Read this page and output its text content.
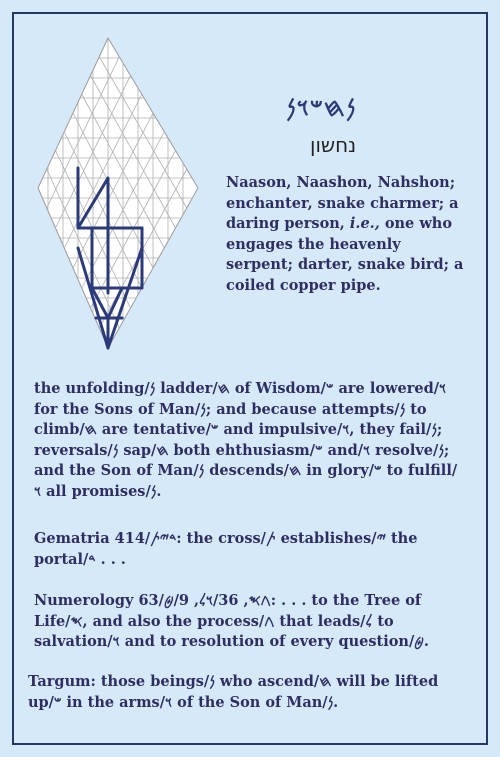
𐤍𐤇𐤔𐤅𐤍
נחשון
Naason, Naashon, Nahshon; enchanter, snake charmer; a daring person, i.e., one who engages the heavenly serpent; darter, snake bird; a coiled copper pipe.
the unfolding/𐤍 ladder/𐤇 of Wisdom/𐤔 are lowered/𐤅 for the Sons of Man/𐤍; and because attempts/𐤍 to climb/𐤇 are tentative/𐤔 and impulsive/𐤅, they fail/𐤍; reversals/𐤍 sap/𐤇 both ehthusiasm/𐤔 and/𐤅 resolve/𐤍; and the Son of Man/𐤍 descends/𐤇 in glory/𐤔 to fulfill/𐤅 all promises/𐤍.
Gematria 414/𐤃𐤉𐤕: the cross/𐤕 establishes/𐤉 the portal/𐤃 . . .
Numerology 63/𐤂𐤎, 36/𐤅𐤋, 9/𐤈: . . . to the Tree of Life/𐤎, and also the process/𐤂 that leads/𐤋 to salvation/𐤅 and to resolution of every question/𐤈.
Targum: those beings/𐤍 who ascend/𐤇 will be lifted up/𐤔 in the arms/𐤅 of the Son of Man/𐤍.
